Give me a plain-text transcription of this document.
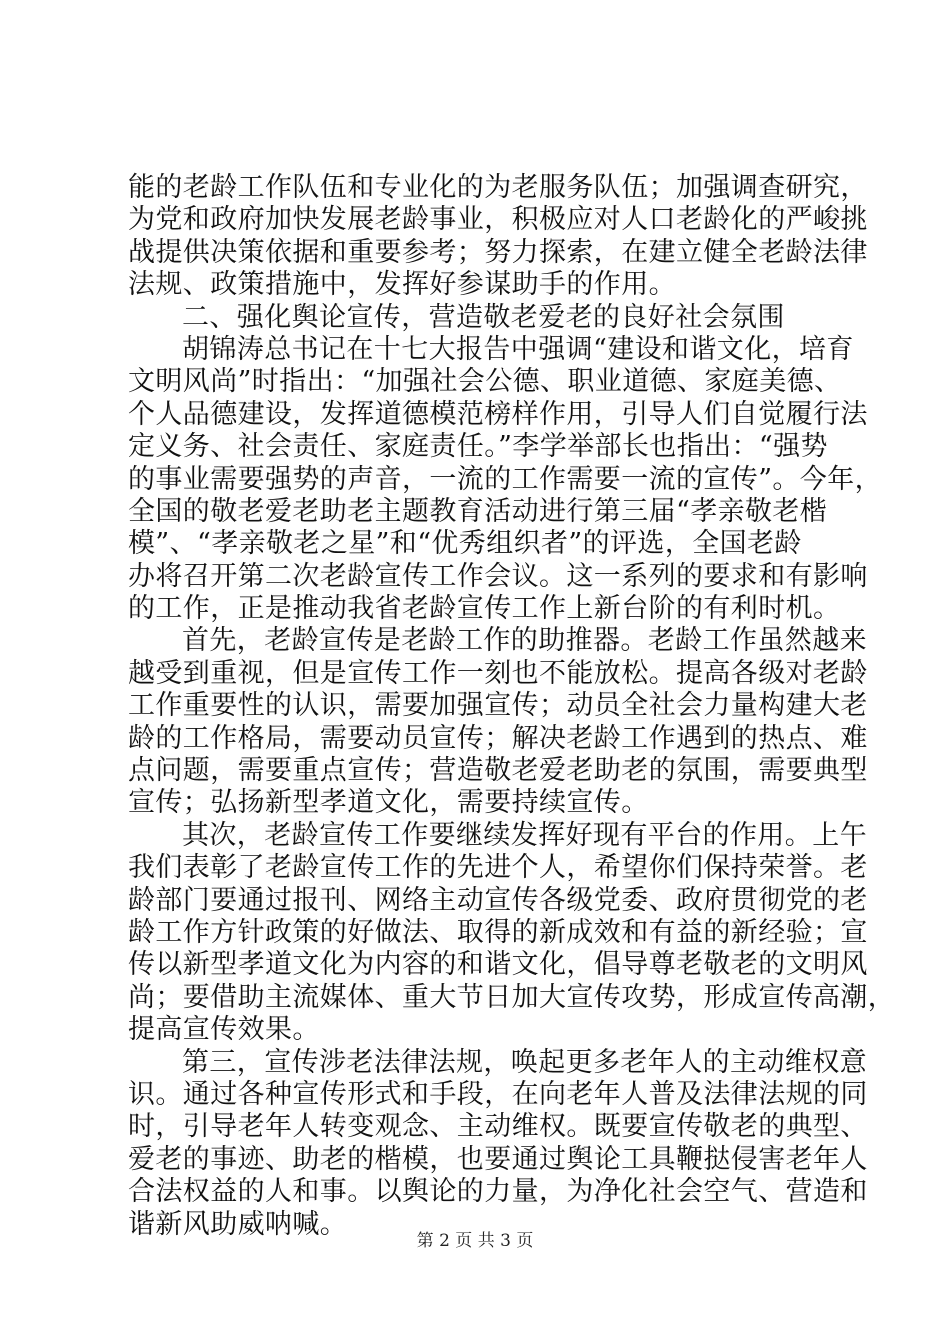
能的老龄工作队伍和专业化的为老服务队伍；加强调查研究，
为党和政府加快发展老龄事业，积极应对人口老龄化的严峻挑
战提供决策依据和重要参考；努力探索，在建立健全老龄法律
法规、政策措施中，发挥好参谋助手的作用。
二、强化舆论宣传，营造敬老爱老的良好社会氛围
胡锦涛总书记在十七大报告中强调“建设和谐文化，培育
文明风尚”时指出：“加强社会公德、职业道德、家庭美德、
个人品德建设，发挥道德模范榜样作用，引导人们自觉履行法
定义务、社会责任、家庭责任。”李学举部长也指出：“强势
的事业需要强势的声音，一流的工作需要一流的宣传”。今年，
全国的敬老爱老助老主题教育活动进行第三届“孝亲敬老楷
模”、“孝亲敬老之星”和“优秀组织者”的评选，全国老龄
办将召开第二次老龄宣传工作会议。这一系列的要求和有影响
的工作，正是推动我省老龄宣传工作上新台阶的有利时机。
首先，老龄宣传是老龄工作的助推器。老龄工作虽然越来
越受到重视，但是宣传工作一刻也不能放松。提高各级对老龄
工作重要性的认识，需要加强宣传；动员全社会力量构建大老
龄的工作格局，需要动员宣传；解决老龄工作遇到的热点、难
点问题，需要重点宣传；营造敬老爱老助老的氛围，需要典型
宣传；弘扬新型孝道文化，需要持续宣传。
其次，老龄宣传工作要继续发挥好现有平台的作用。上午
我们表彰了老龄宣传工作的先进个人，希望你们保持荣誉。老
龄部门要通过报刊、网络主动宣传各级党委、政府贯彻党的老
龄工作方针政策的好做法、取得的新成效和有益的新经验；宣
传以新型孝道文化为内容的和谐文化，倡导尊老敬老的文明风
尚；要借助主流媒体、重大节日加大宣传攻势，形成宣传高潮，
提高宣传效果。
第三，宣传涉老法律法规，唤起更多老年人的主动维权意
识。通过各种宣传形式和手段，在向老年人普及法律法规的同
时，引导老年人转变观念、主动维权。既要宣传敬老的典型、
爱老的事迹、助老的楷模，也要通过舆论工具鞭挞侵害老年人
合法权益的人和事。以舆论的力量，为净化社会空气、营造和
谐新风助威呐喊。
第 2 页 共 3 页
